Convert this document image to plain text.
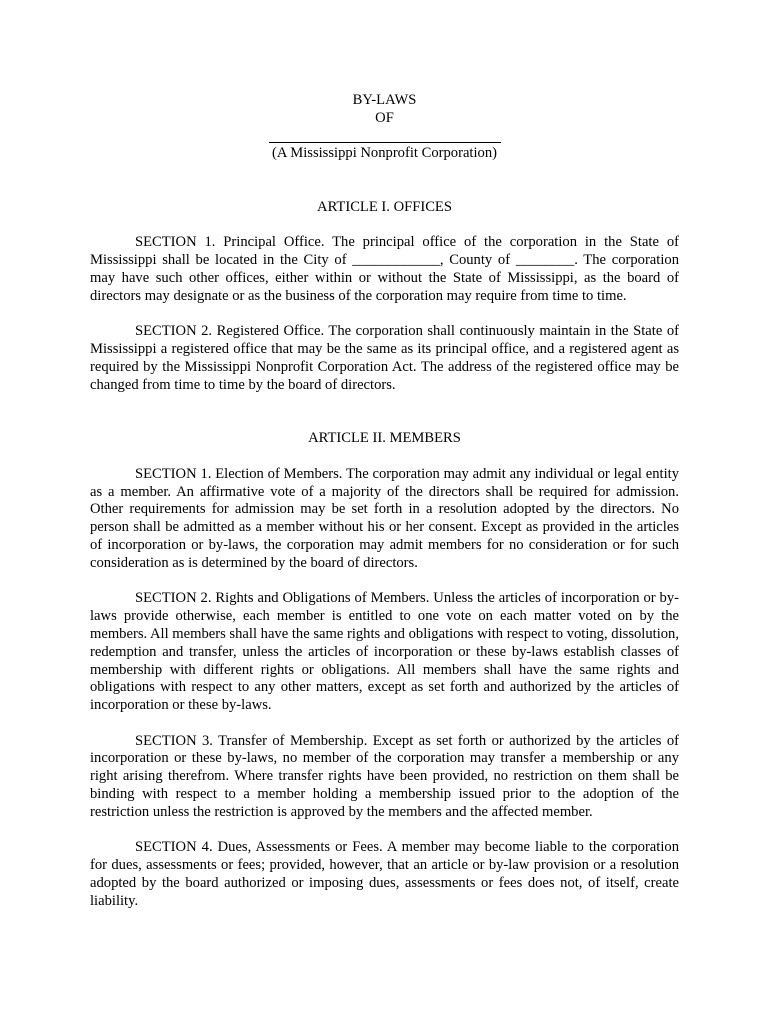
BY-LAWS
OF
(A Mississippi Nonprofit Corporation)
ARTICLE I. OFFICES

SECTION 1. Principal Office. The principal office of the corporation in the State of Mississippi shall be located in the City of ____________, County of ________. The corporation may have such other offices, either within or without the State of Mississippi, as the board of directors may designate or as the business of the corporation may require from time to time.

SECTION 2. Registered Office. The corporation shall continuously maintain in the State of Mississippi a registered office that may be the same as its principal office, and a registered agent as required by the Mississippi Nonprofit Corporation Act. The address of the registered office may be changed from time to time by the board of directors.

ARTICLE II. MEMBERS

SECTION 1. Election of Members. The corporation may admit any individual or legal entity as a member. An affirmative vote of a majority of the directors shall be required for admission. Other requirements for admission may be set forth in a resolution adopted by the directors. No person shall be admitted as a member without his or her consent. Except as provided in the articles of incorporation or by-laws, the corporation may admit members for no consideration or for such consideration as is determined by the board of directors.

SECTION 2. Rights and Obligations of Members. Unless the articles of incorporation or by-laws provide otherwise, each member is entitled to one vote on each matter voted on by the members. All members shall have the same rights and obligations with respect to voting, dissolution, redemption and transfer, unless the articles of incorporation or these by-laws establish classes of membership with different rights or obligations. All members shall have the same rights and obligations with respect to any other matters, except as set forth and authorized by the articles of incorporation or these by-laws.

SECTION 3. Transfer of Membership. Except as set forth or authorized by the articles of incorporation or these by-laws, no member of the corporation may transfer a membership or any right arising therefrom. Where transfer rights have been provided, no restriction on them shall be binding with respect to a member holding a membership issued prior to the adoption of the restriction unless the restriction is approved by the members and the affected member.

SECTION 4. Dues, Assessments or Fees. A member may become liable to the corporation for dues, assessments or fees; provided, however, that an article or by-law provision or a resolution adopted by the board authorized or imposing dues, assessments or fees does not, of itself, create liability.
